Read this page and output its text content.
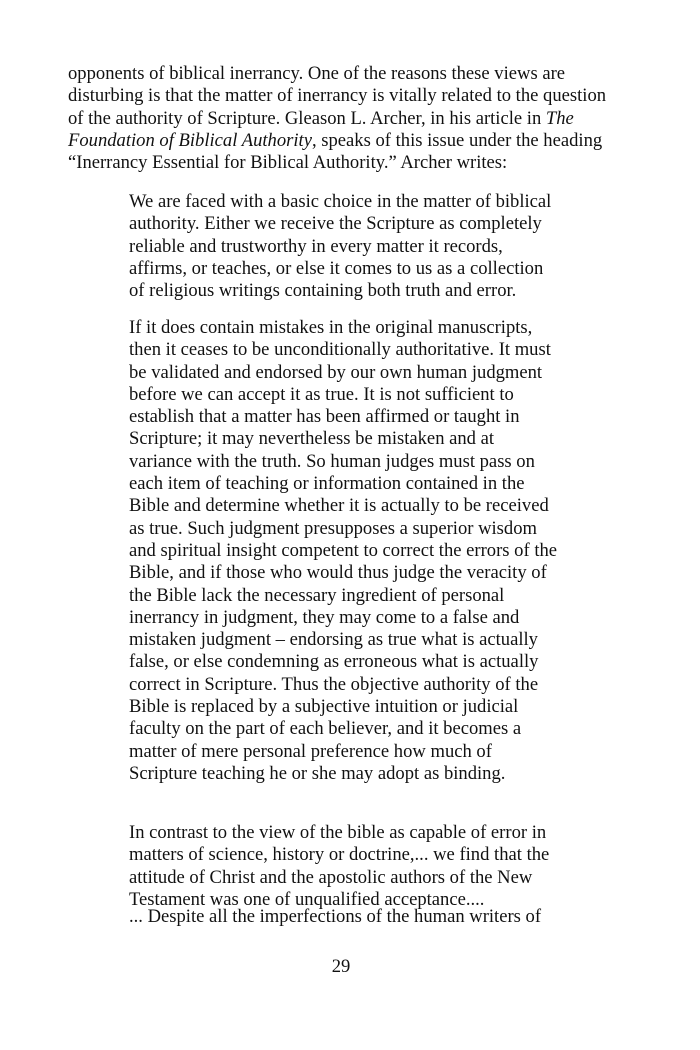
opponents of biblical inerrancy. One of the reasons these views are
disturbing is that the matter of inerrancy is vitally related to the question
of the authority of Scripture. Gleason L. Archer, in his article in The
Foundation of Biblical Authority, speaks of this issue under the heading
“Inerrancy Essential for Biblical Authority.” Archer writes:
We are faced with a basic choice in the matter of biblical
authority. Either we receive the Scripture as completely
reliable and trustworthy in every matter it records,
affirms, or teaches, or else it comes to us as a collection
of religious writings containing both truth and error.
If it does contain mistakes in the original manuscripts,
then it ceases to be unconditionally authoritative. It must
be validated and endorsed by our own human judgment
before we can accept it as true. It is not sufficient to
establish that a matter has been affirmed or taught in
Scripture; it may nevertheless be mistaken and at
variance with the truth. So human judges must pass on
each item of teaching or information contained in the
Bible and determine whether it is actually to be received
as true. Such judgment presupposes a superior wisdom
and spiritual insight competent to correct the errors of the
Bible, and if those who would thus judge the veracity of
the Bible lack the necessary ingredient of personal
inerrancy in judgment, they may come to a false and
mistaken judgment – endorsing as true what is actually
false, or else condemning as erroneous what is actually
correct in Scripture. Thus the objective authority of the
Bible is replaced by a subjective intuition or judicial
faculty on the part of each believer, and it becomes a
matter of mere personal preference how much of
Scripture teaching he or she may adopt as binding.
In contrast to the view of the bible as capable of error in
matters of science, history or doctrine,... we find that the
attitude of Christ and the apostolic authors of the New
Testament was one of unqualified acceptance....
... Despite all the imperfections of the human writers of
29
